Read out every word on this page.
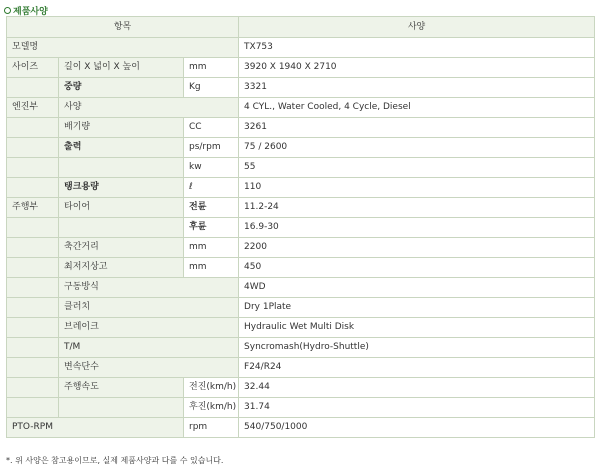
제품사양
항목			사양
모델명			TX753
사이즈	길이 X 넓이 X 높이	mm	3920 X 1940 X 2710
	중량	Kg	3321
엔진부	사양		4 CYL., Water Cooled, 4 Cycle, Diesel
	배기량	CC	3261
	출력	ps/rpm	75 / 2600
		kw	55
	탱크용량	ℓ	110
주행부	타이어	전륜	11.2-24
		후륜	16.9-30
	축간거리	mm	2200
	최저지상고	mm	450
	구동방식		4WD
	클러치		Dry 1Plate
	브레이크		Hydraulic Wet Multi Disk
	T/M		Syncromash(Hydro-Shuttle)
	변속단수		F24/R24
	주행속도	전진(km/h)	32.44
		후진(km/h)	31.74
PTO-RPM		rpm	540/750/1000
*. 위 사양은 참고용이므로, 실제 제품사양과 다를 수 있습니다.
